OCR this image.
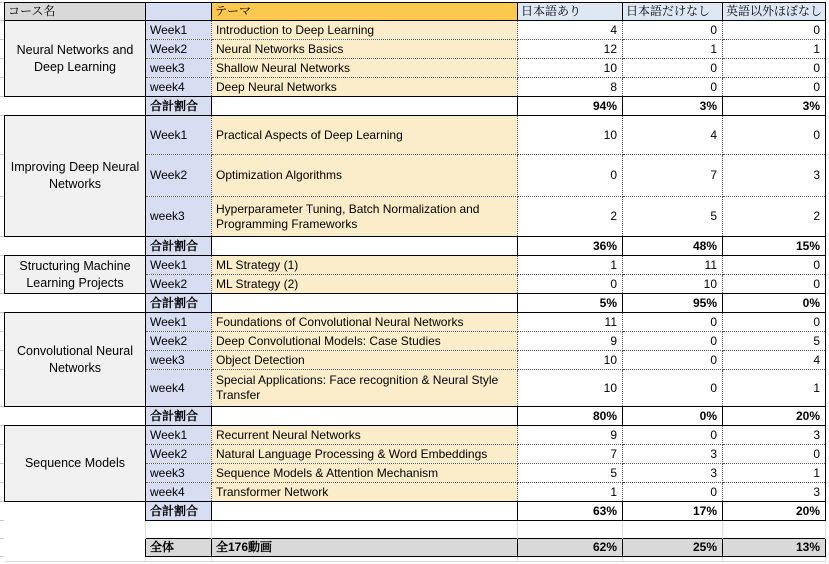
コース名		テーマ	日本語あり	日本語だけなし	英語以外ほぼなし
Neural Networks and Deep Learning	Week1	Introduction to Deep Learning	4	0	0
	Week2	Neural Networks Basics	12	1	1
	week3	Shallow Neural Networks	10	0	0
	week4	Deep Neural Networks	8	0	0
	合計割合		94%	3%	3%
Improving Deep Neural Networks	Week1	Practical Aspects of Deep Learning	10	4	0
	Week2	Optimization Algorithms	0	7	3
	week3	Hyperparameter Tuning, Batch Normalization and Programming Frameworks	2	5	2
	合計割合		36%	48%	15%
Structuring Machine Learning Projects	Week1	ML Strategy (1)	1	11	0
	Week2	ML Strategy (2)	0	10	0
	合計割合		5%	95%	0%
Convolutional Neural Networks	Week1	Foundations of Convolutional Neural Networks	11	0	0
	Week2	Deep Convolutional Models: Case Studies	9	0	5
	week3	Object Detection	10	0	4
	week4	Special Applications: Face recognition & Neural Style Transfer	10	0	1
	合計割合		80%	0%	20%
Sequence Models	Week1	Recurrent Neural Networks	9	0	3
	Week2	Natural Language Processing & Word Embeddings	7	3	0
	week3	Sequence Models & Attention Mechanism	5	3	1
	week4	Transformer Network	1	0	3
	合計割合		63%	17%	20%

	全体	全176動画	62%	25%	13%
